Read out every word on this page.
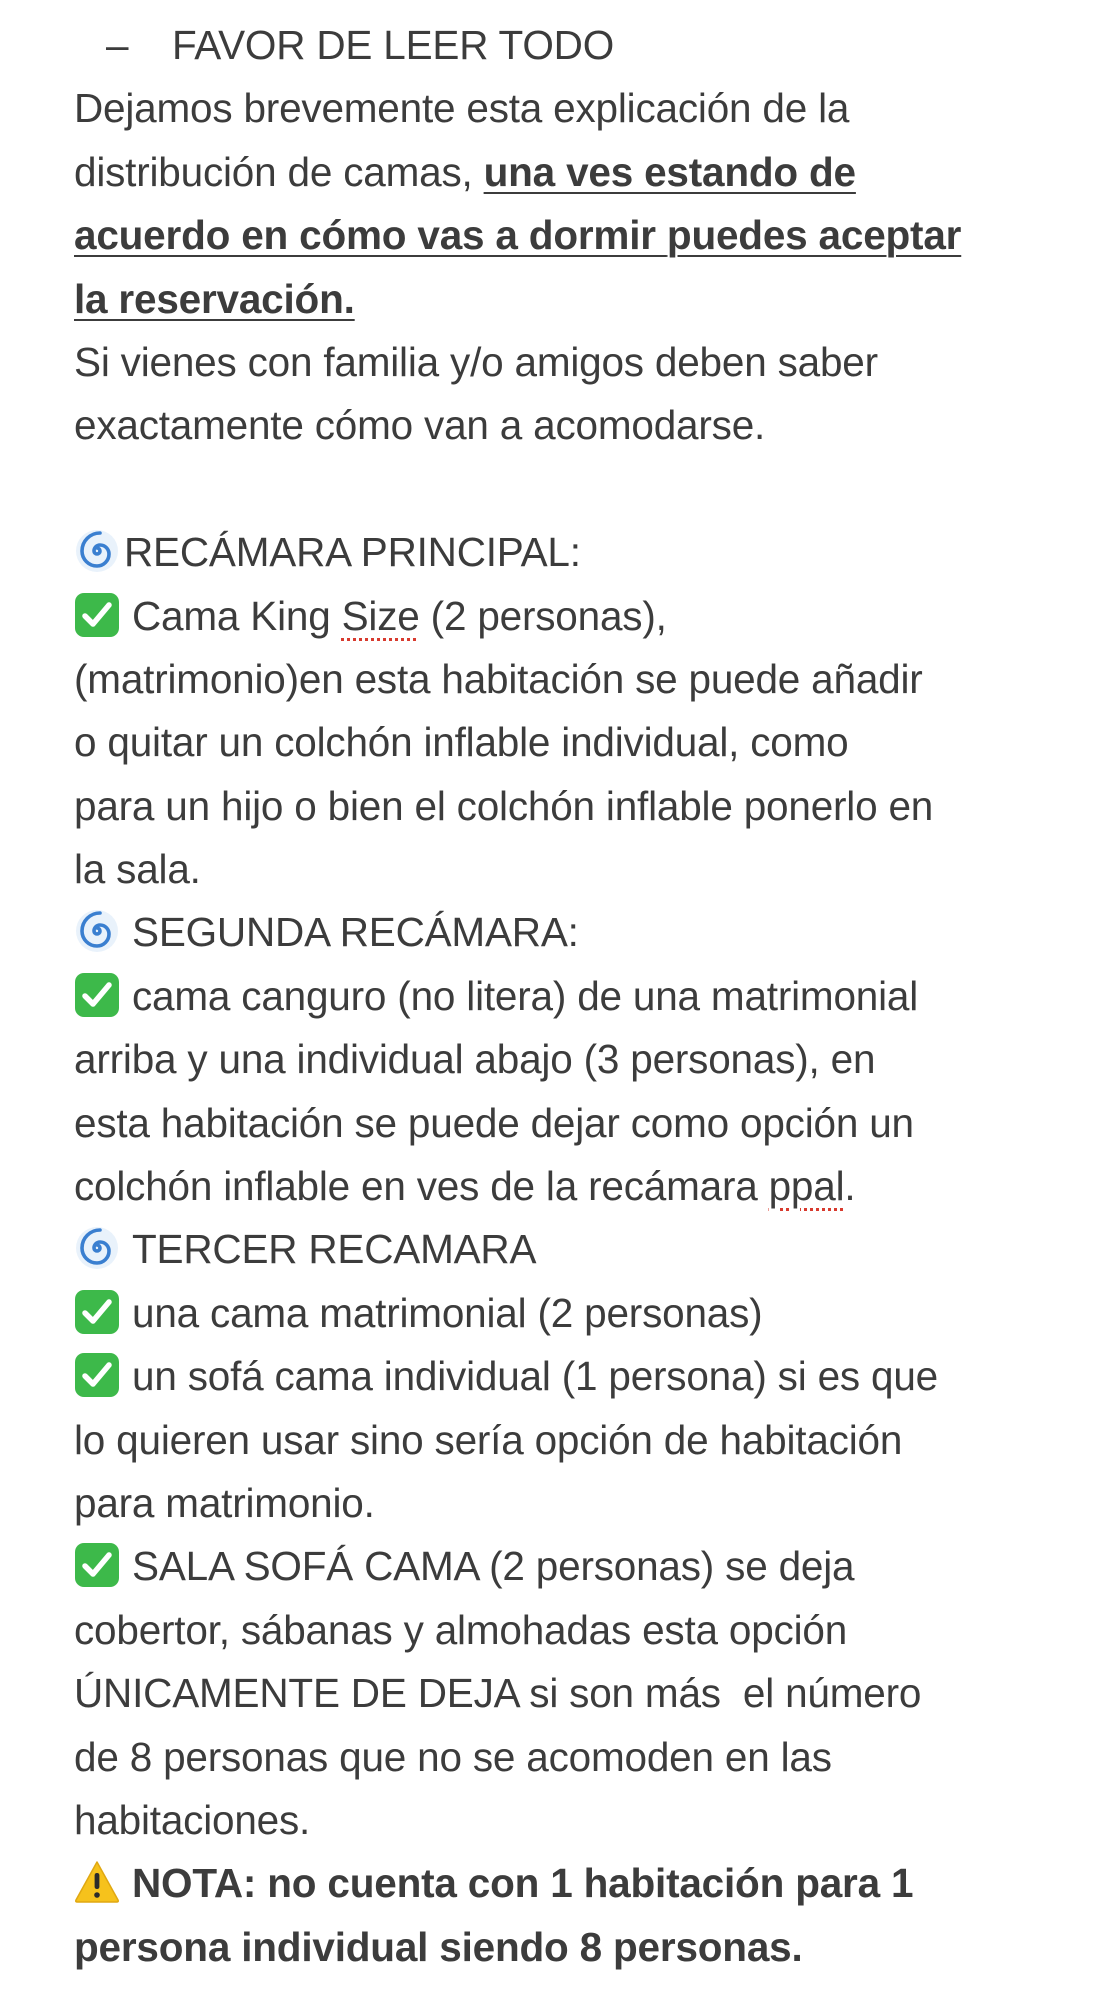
– FAVOR DE LEER TODO
Dejamos brevemente esta explicación de la
distribución de camas, una ves estando de
acuerdo en cómo vas a dormir puedes aceptar
la reservación.
Si vienes con familia y/o amigos deben saber
exactamente cómo van a acomodarse.
RECÁMARA PRINCIPAL:
Cama King Size (2 personas),
(matrimonio)en esta habitación se puede añadir
o quitar un colchón inflable individual, como
para un hijo o bien el colchón inflable ponerlo en
la sala.
SEGUNDA RECÁMARA:
cama canguro (no litera) de una matrimonial
arriba y una individual abajo (3 personas), en
esta habitación se puede dejar como opción un
colchón inflable en ves de la recámara ppal.
TERCER RECAMARA
una cama matrimonial (2 personas)
un sofá cama individual (1 persona) si es que
lo quieren usar sino sería opción de habitación
para matrimonio.
SALA SOFÁ CAMA (2 personas) se deja
cobertor, sábanas y almohadas esta opción
ÚNICAMENTE DE DEJA si son más  el número
de 8 personas que no se acomoden en las
habitaciones.
NOTA: no cuenta con 1 habitación para 1
persona individual siendo 8 personas.
